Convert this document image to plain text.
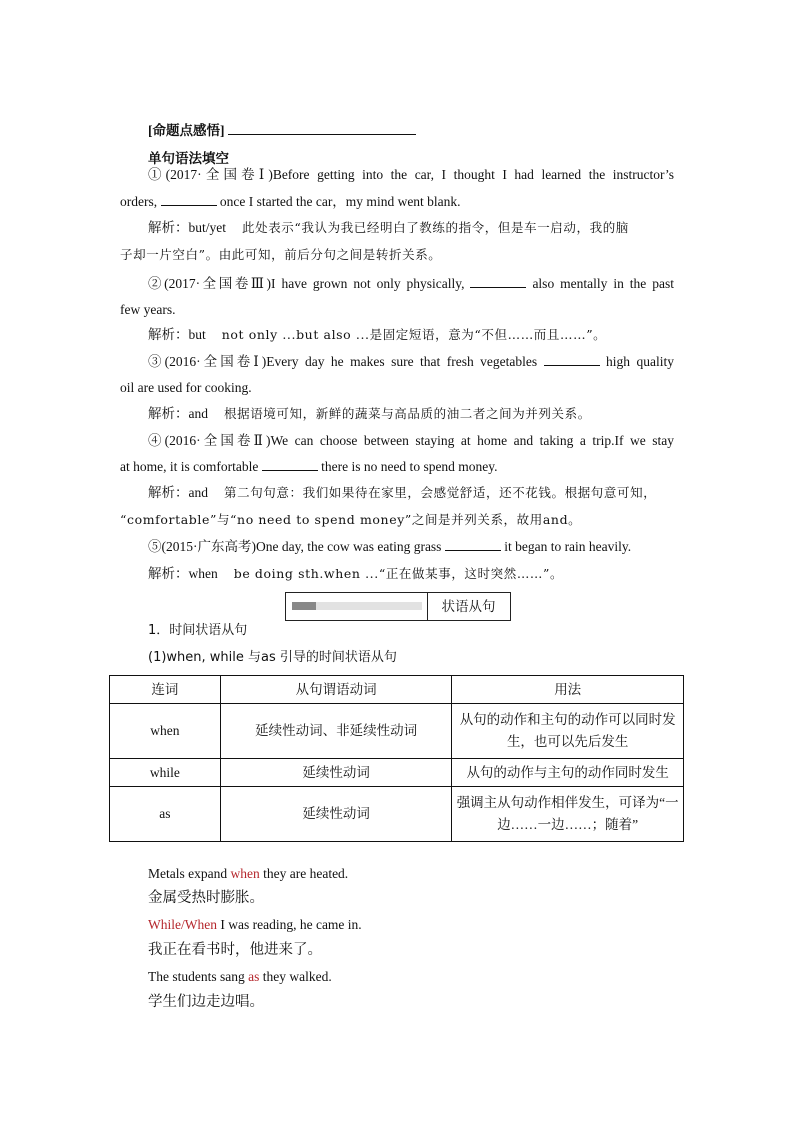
[命题点感悟]
单句语法填空
①(2017·全国卷Ⅰ)Before getting into the car, I thought I had learned the instructor’s
orders,	once I started the car，my mind went blank.
解析：but/yet 此处表示“我认为我已经明白了教练的指令，但是车一启动，我的脑
子却一片空白”。由此可知，前后分句之间是转折关系。
②(2017·全国卷Ⅲ)I have grown not only physically,	also mentally in the past
few years.
解析：but not only ...but also ...是固定短语，意为“不但……而且……”。
③(2016·全国卷Ⅰ)Every day he makes sure that fresh vegetables	high quality
oil are used for cooking.
解析：and 根据语境可知，新鲜的蔬菜与高品质的油二者之间为并列关系。
④(2016·全国卷Ⅱ)We can choose between staying at home and taking a trip.If we stay
at home, it is comfortable	there is no need to spend money.
解析：and 第二句句意：我们如果待在家里，会感觉舒适，还不花钱。根据句意可知，
“comfortable”与“no need to spend money”之间是并列关系，故用and。
⑤(2015·广东高考)One day, the cow was eating grass	it began to rain heavily.
解析：when be doing sth.when ...“正在做某事，这时突然……”。
状语从句
1．时间状语从句
(1)when, while 与as 引导的时间状语从句
连词	从句谓语动词	用法
when	延续性动词、非延续性动词	从句的动作和主句的动作可以同时发生，也可以先后发生
while	延续性动词	从句的动作与主句的动作同时发生
as	延续性动词	强调主从句动作相伴发生，可译为“一边……一边……；随着”
Metals expand when they are heated.
金属受热时膨胀。
While/When I was reading, he came in.
我正在看书时，他进来了。
The students sang as they walked.
学生们边走边唱。
